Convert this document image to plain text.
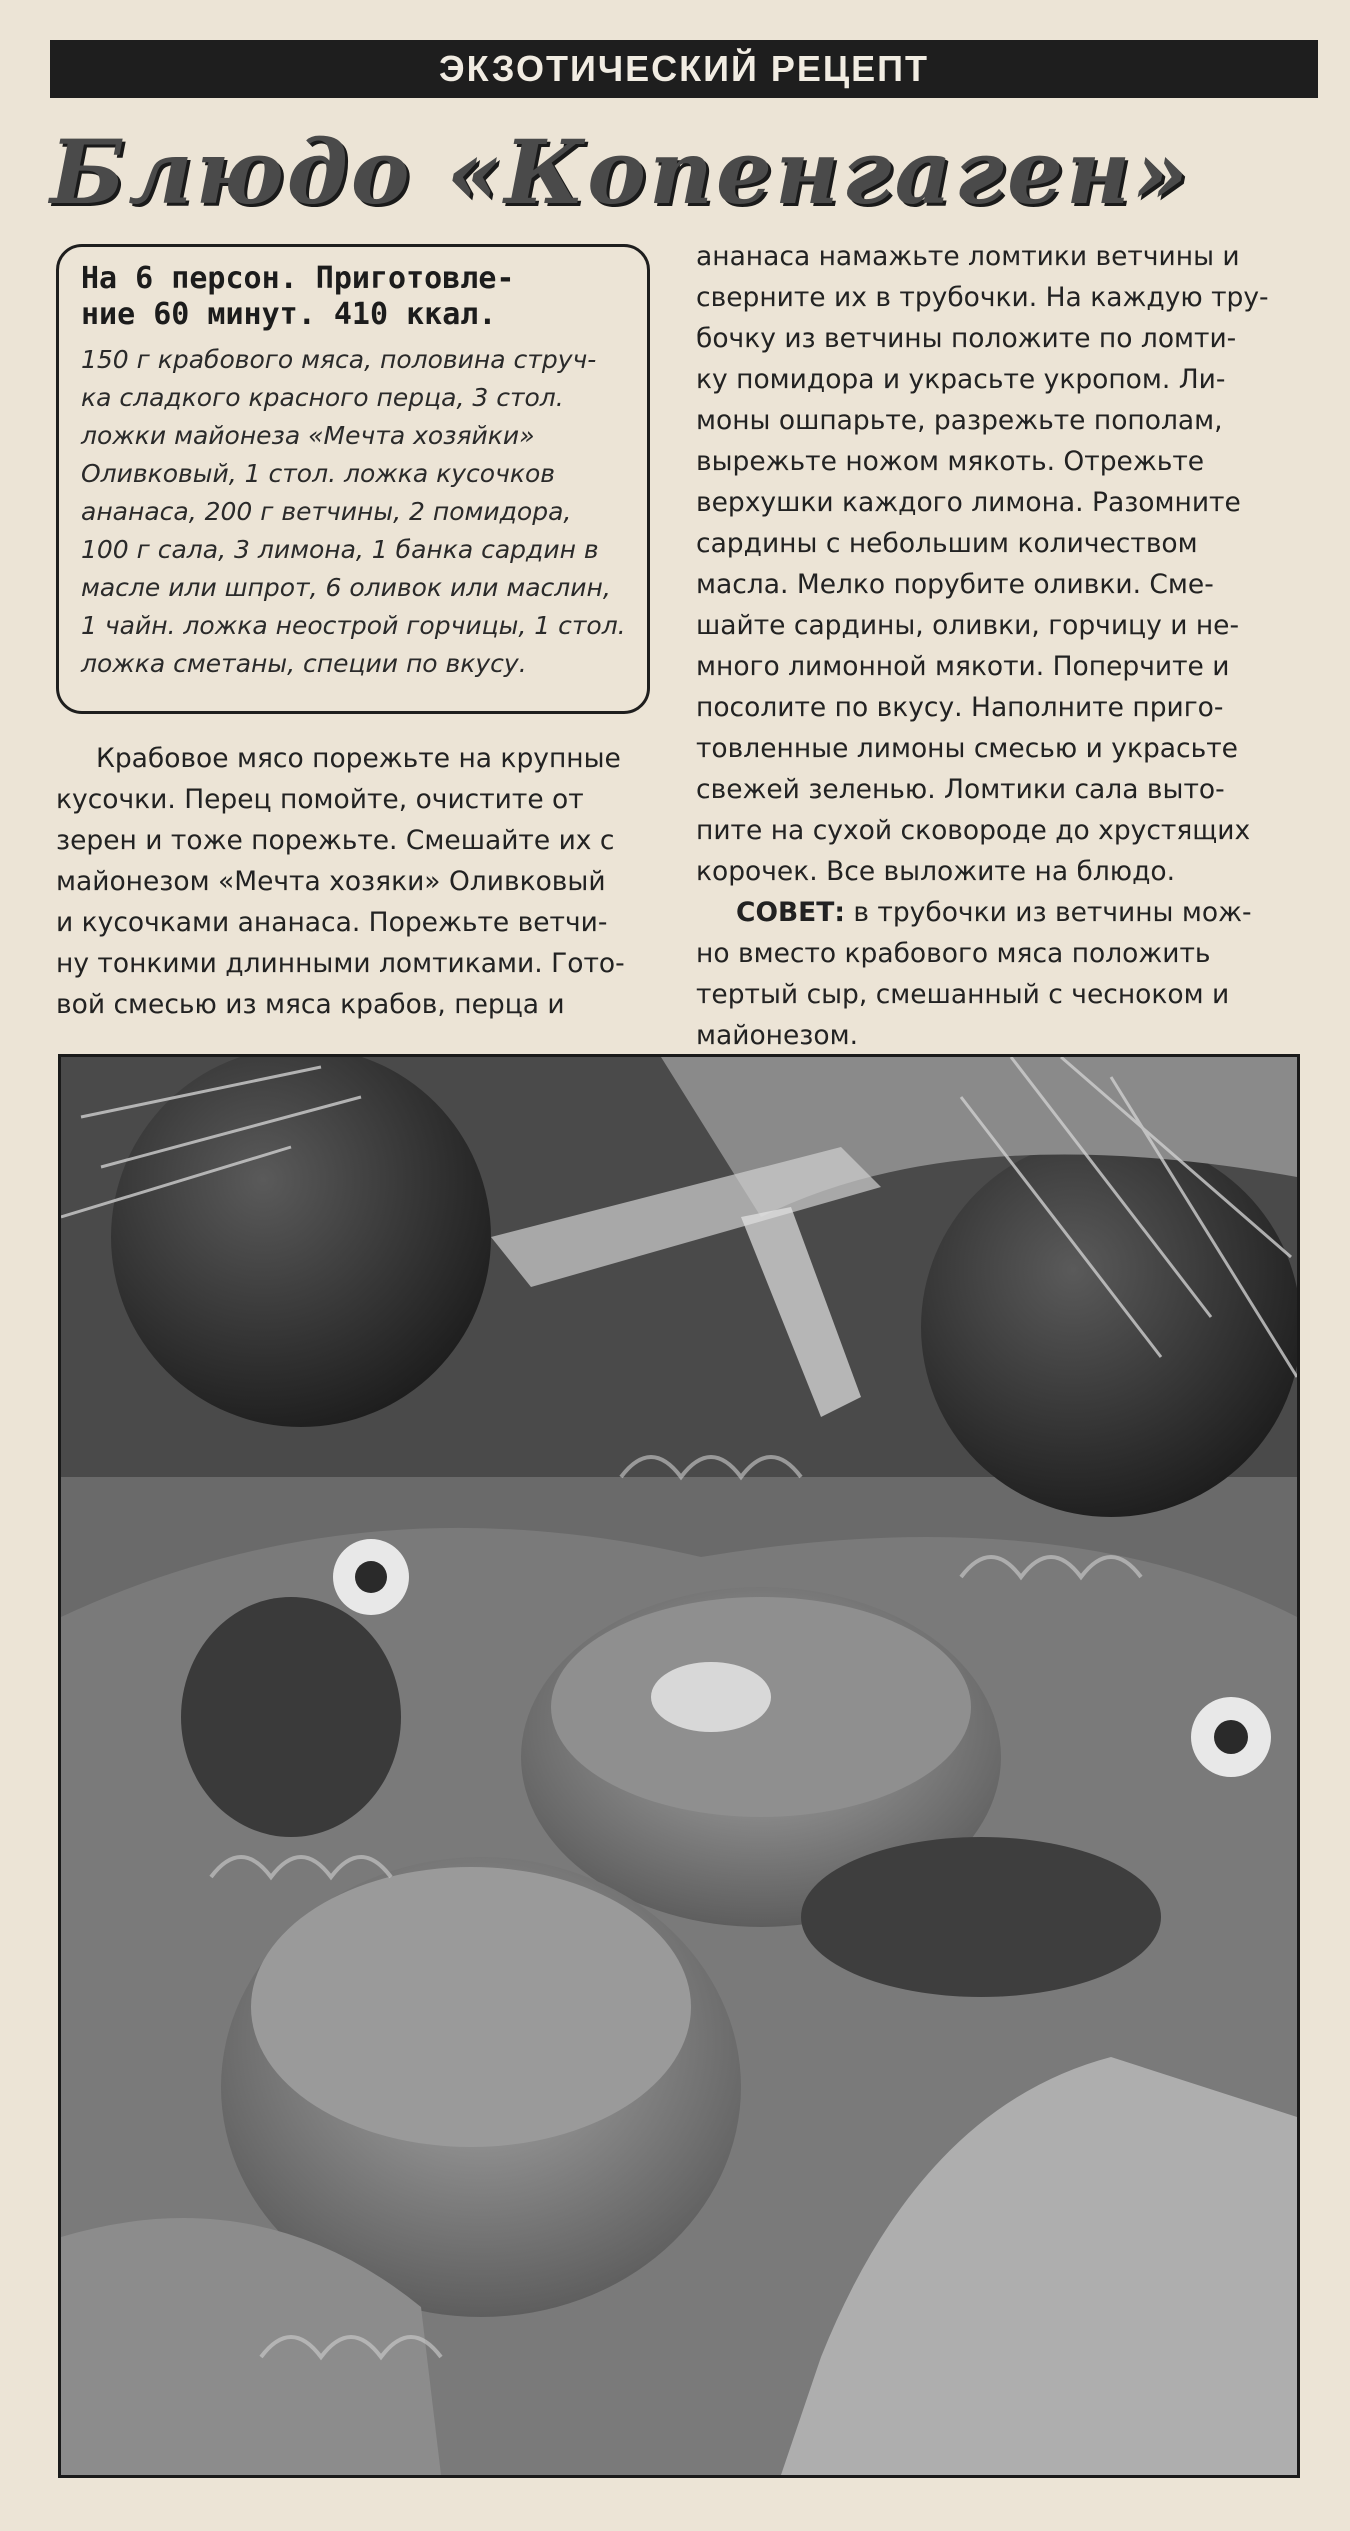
ЭКЗОТИЧЕСКИЙ РЕЦЕПТ
Блюдо «Копенгаген»
На 6 персон. Приготовле-
ние 60 минут. 410 ккал.
150 г крабового мяса, половина струч-
ка сладкого красного перца, 3 стол.
ложки майонеза «Мечта хозяйки»
Оливковый, 1 стол. ложка кусочков
ананаса, 200 г ветчины, 2 помидора,
100 г сала, 3 лимона, 1 банка сардин в
масле или шпрот, 6 оливок или маслин,
1 чайн. ложка неострой горчицы, 1 стол.
ложка сметаны, специи по вкусу.
Крабовое мясо порежьте на крупные
кусочки. Перец помойте, очистите от
зерен и тоже порежьте. Смешайте их с
майонезом «Мечта хозяки» Оливковый
и кусочками ананаса. Порежьте ветчи-
ну тонкими длинными ломтиками. Гото-
вой смесью из мяса крабов, перца и
ананаса намажьте ломтики ветчины и
сверните их в трубочки. На каждую тру-
бочку из ветчины положите по ломти-
ку помидора и украсьте укропом. Ли-
моны ошпарьте, разрежьте пополам,
вырежьте ножом мякоть. Отрежьте
верхушки каждого лимона. Разомните
сардины с небольшим количеством
масла. Мелко порубите оливки. Сме-
шайте сардины, оливки, горчицу и не-
много лимонной мякоти. Поперчите и
посолите по вкусу. Наполните приго-
товленные лимоны смесью и украсьте
свежей зеленью. Ломтики сала выто-
пите на сухой сковороде до хрустящих
корочек. Все выложите на блюдо.
СОВЕТ: в трубочки из ветчины мож-
но вместо крабового мяса положить
тертый сыр, смешанный с чесноком и
майонезом.
